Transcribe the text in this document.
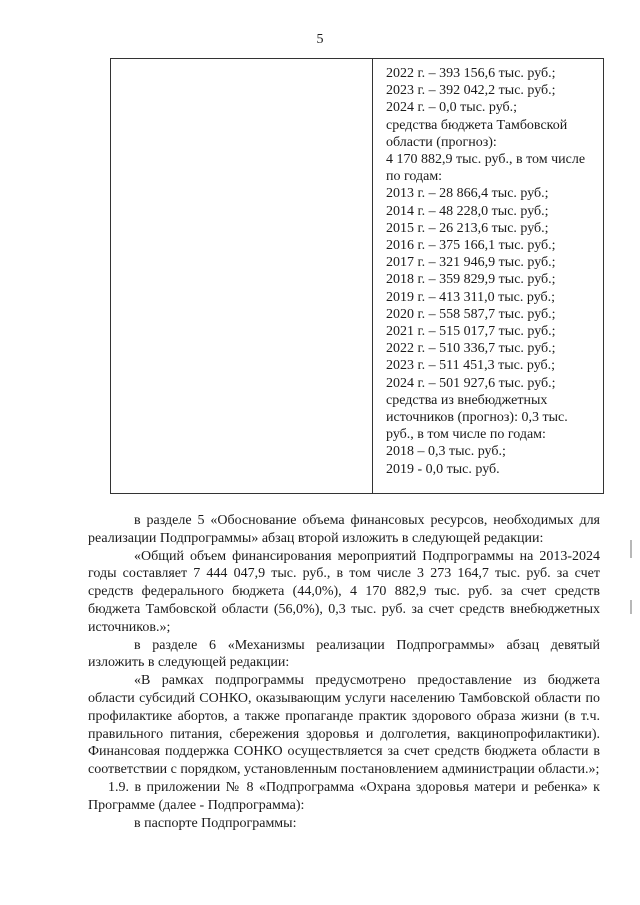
5
2022 г. – 393 156,6 тыс. руб.;
2023 г. – 392 042,2 тыс. руб.;
2024 г. – 0,0 тыс. руб.;
средства бюджета Тамбовской
области (прогноз):
4 170 882,9 тыс. руб., в том числе
по годам:
2013 г. – 28 866,4 тыс. руб.;
2014 г. – 48 228,0 тыс. руб.;
2015 г. – 26 213,6 тыс. руб.;
2016 г. – 375 166,1 тыс. руб.;
2017 г. – 321 946,9 тыс. руб.;
2018 г. – 359 829,9 тыс. руб.;
2019 г. – 413 311,0 тыс. руб.;
2020 г. – 558 587,7 тыс. руб.;
2021 г. – 515 017,7 тыс. руб.;
2022 г. – 510 336,7 тыс. руб.;
2023 г. – 511 451,3 тыс. руб.;
2024 г. – 501 927,6 тыс. руб.;
средства из внебюджетных
источников (прогноз): 0,3 тыс.
руб., в том числе по годам:
2018 – 0,3 тыс. руб.;
2019 - 0,0 тыс. руб.

в разделе 5 «Обоснование объема финансовых ресурсов, необходимых для реализации Подпрограммы» абзац второй изложить в следующей редакции:

«Общий объем финансирования мероприятий Подпрограммы на 2013-2024 годы составляет 7 444 047,9 тыс. руб., в том числе 3 273 164,7 тыс. руб. за счет средств федерального бюджета (44,0%), 4 170 882,9 тыс. руб. за счет средств бюджета Тамбовской области (56,0%), 0,3 тыс. руб. за счет средств внебюджетных источников.»;

в разделе 6 «Механизмы реализации Подпрограммы» абзац девятый изложить в следующей редакции:

«В рамках подпрограммы предусмотрено предоставление из бюджета области субсидий СОНКО, оказывающим услуги населению Тамбовской области по профилактике абортов, а также пропаганде практик здорового образа жизни (в т.ч. правильного питания, сбережения здоровья и долголетия, вакцинопрофилактики). Финансовая поддержка СОНКО осуществляется за счет средств бюджета области в соответствии с порядком, установленным постановлением администрации области.»;

1.9. в приложении № 8 «Подпрограмма «Охрана здоровья матери и ребенка» к Программе (далее - Подпрограмма):

в паспорте Подпрограммы:
